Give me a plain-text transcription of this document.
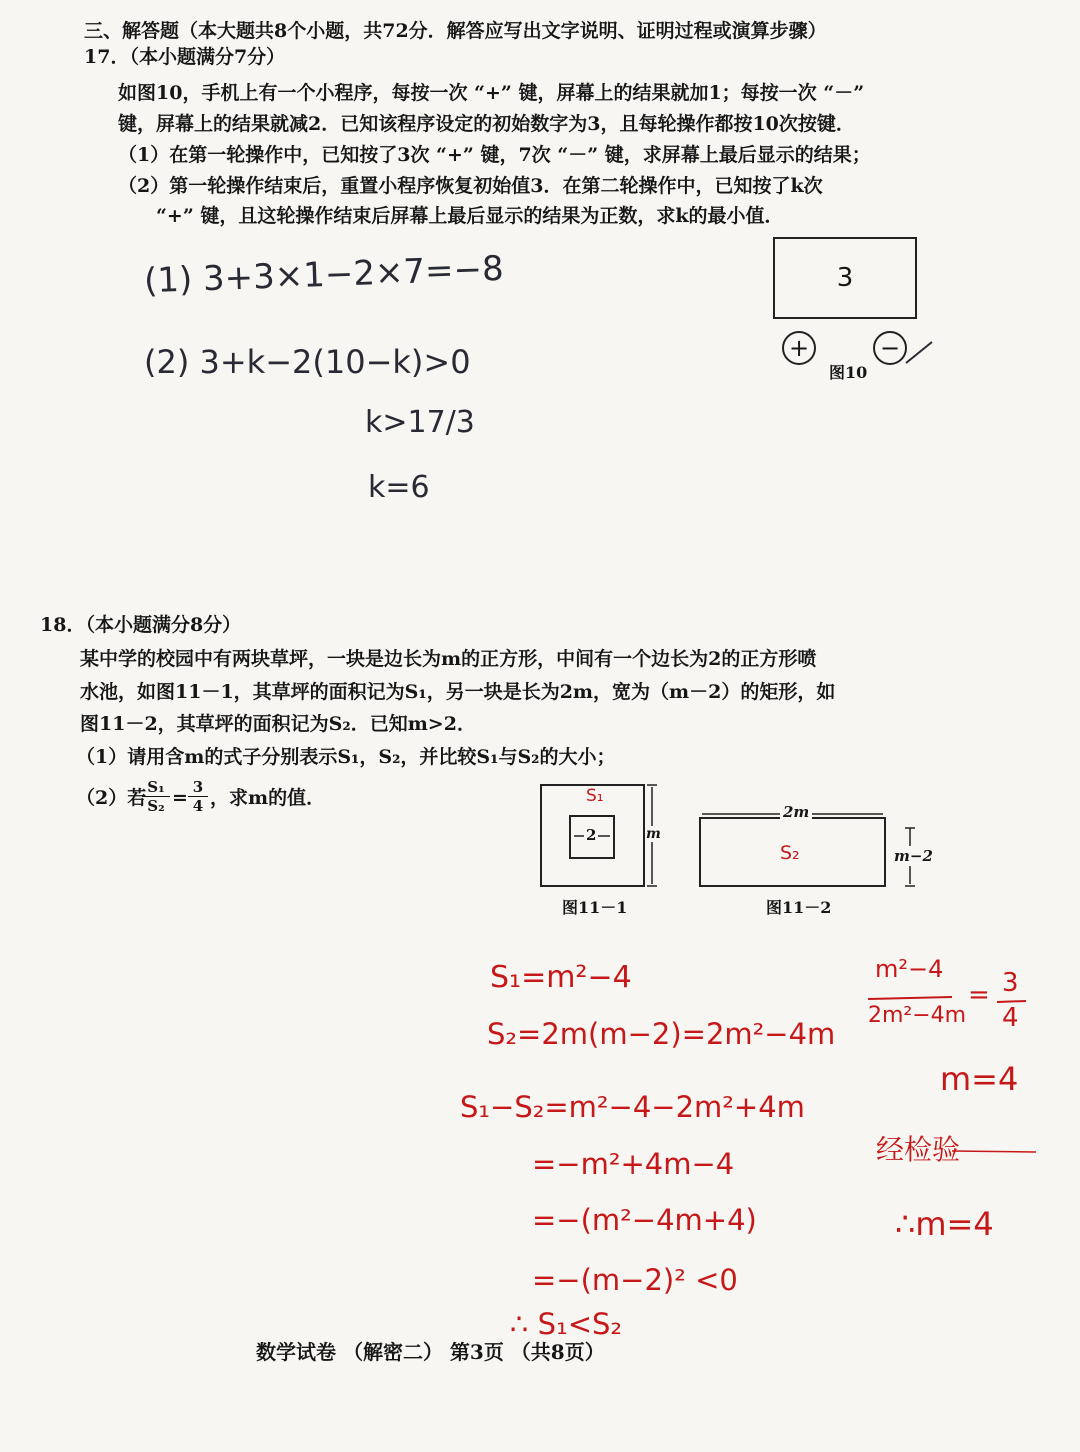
三、解答题（本大题共8个小题，共72分．解答应写出文字说明、证明过程或演算步骤）
17．（本小题满分7分）
如图10，手机上有一个小程序，每按一次 “+” 键，屏幕上的结果就加1；每按一次 “－”
键，屏幕上的结果就减2．已知该程序设定的初始数字为3，且每轮操作都按10次按键．
（1）在第一轮操作中，已知按了3次 “+” 键，7次 “－” 键，求屏幕上最后显示的结果；
（2）第一轮操作结束后，重置小程序恢复初始值3．在第二轮操作中，已知按了k次
“+” 键，且这轮操作结束后屏幕上最后显示的结果为正数，求k的最小值．
3
+	−
图10
(1) 3+3×1−2×7=−8
(2) 3+k−2(10−k)>0
k>17/3
k=6
18．（本小题满分8分）
某中学的校园中有两块草坪，一块是边长为m的正方形，中间有一个边长为2的正方形喷
水池，如图11－1，其草坪的面积记为S₁，另一块是长为2m，宽为（m－2）的矩形，如
图11－2，其草坪的面积记为S₂．已知m>2．
（1）请用含m的式子分别表示S₁，S₂，并比较S₁与S₂的大小；
（2）若
$\frac{\text{S₁}}{\text{S₂}} = \frac{3}{4}$ ，求m的值．	S₁
2	m
图11－1
2m
S₂	m−2
图11－2
S₁=m²−4
S₂=2m(m−2)=2m²−4m
S₁−S₂=m²−4−2m²+4m
=−m²+4m−4
=−(m²−4m+4)
=−(m−2)² <0
∴ S₁<S₂
m²−4
2m²−4m
= 3
4
m=4
经检验
∴m=4
数学试卷 （解密二） 第3页 （共8页）
